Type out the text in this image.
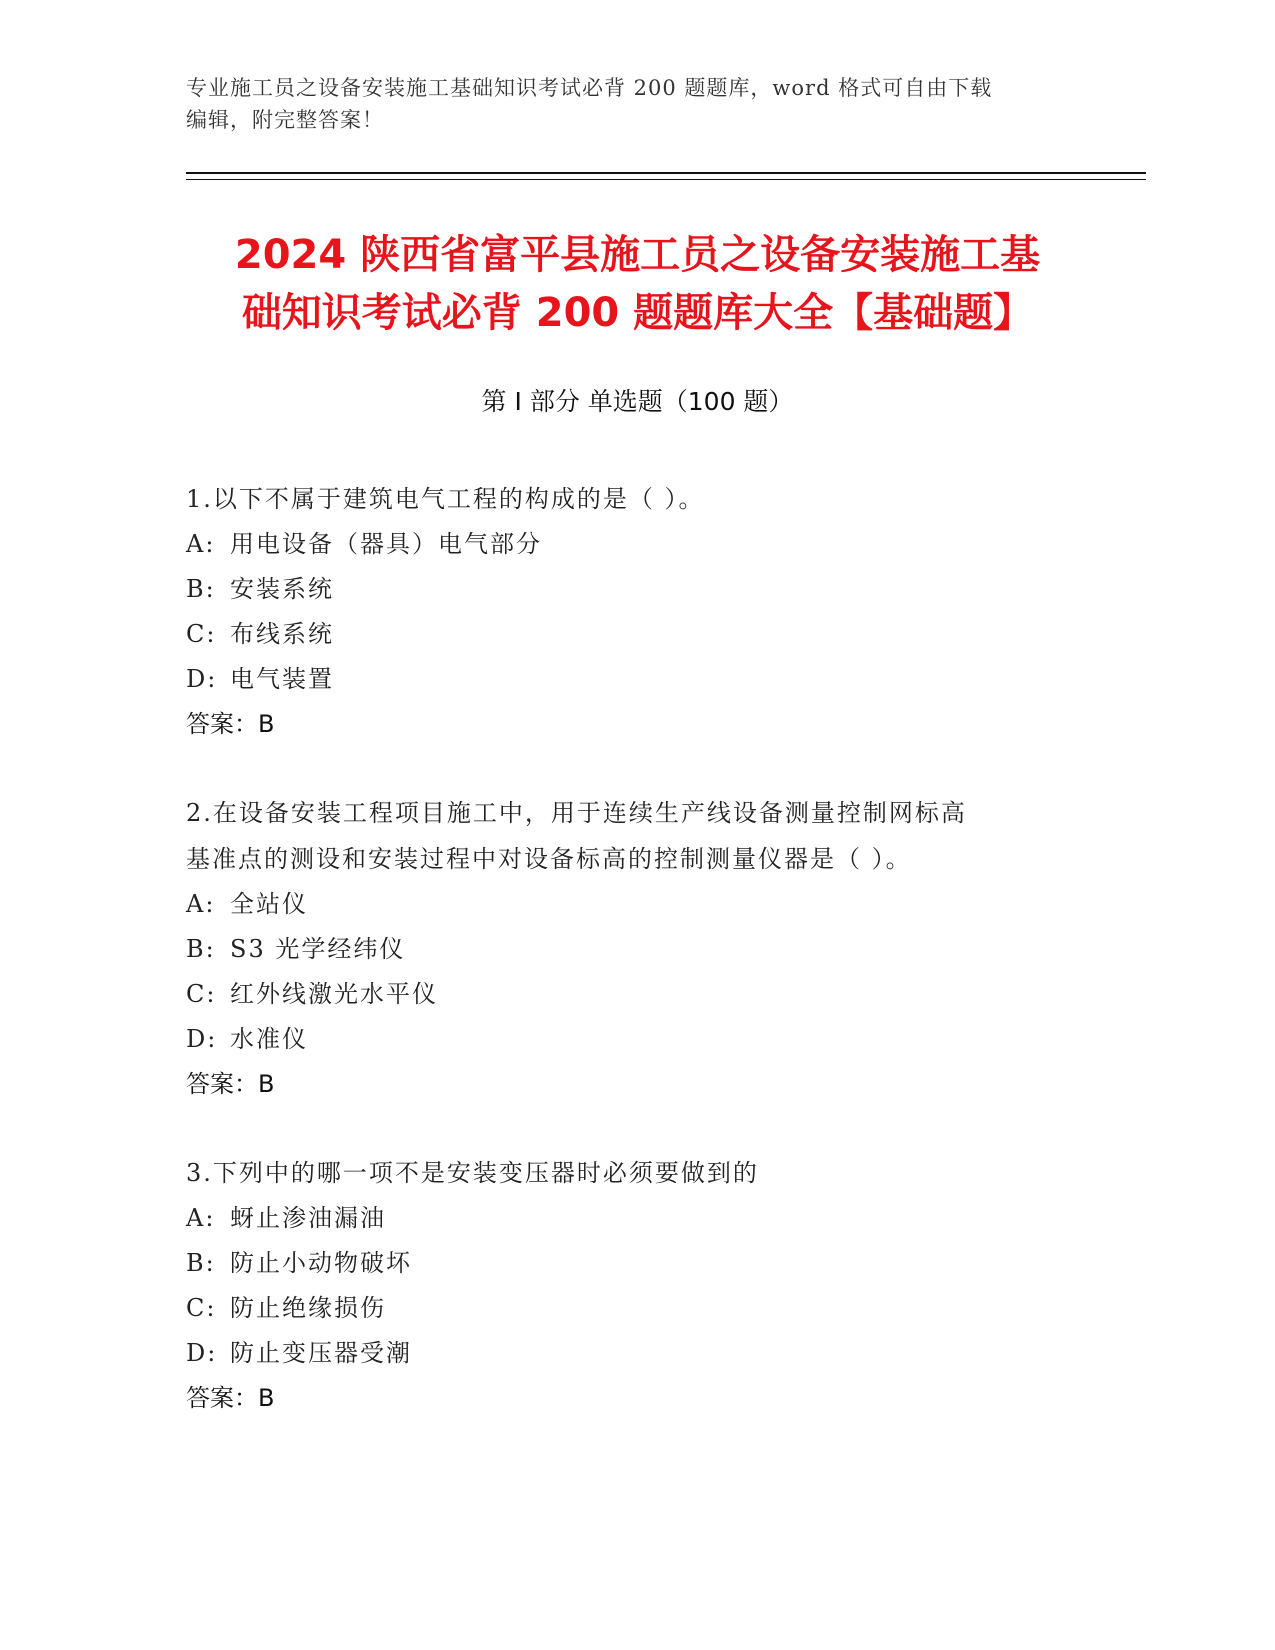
专业施工员之设备安装施工基础知识考试必背 200 题题库，word 格式可自由下载
编辑，附完整答案！
2024 陕西省富平县施工员之设备安装施工基
础知识考试必背 200 题题库大全【基础题】
第 I 部分 单选题（100 题）
1.以下不属于建筑电气工程的构成的是（ ）。
A: 用电设备（器具）电气部分
B: 安装系统
C: 布线系统
D: 电气装置
答案：B
2.在设备安装工程项目施工中，用于连续生产线设备测量控制网标高
基准点的测设和安装过程中对设备标高的控制测量仪器是（ ）。
A: 全站仪
B: S3 光学经纬仪
C: 红外线激光水平仪
D: 水准仪
答案：B
3.下列中的哪一项不是安装变压器时必须要做到的
A: 蚜止渗油漏油
B: 防止小动物破坏
C: 防止绝缘损伤
D: 防止变压器受潮
答案：B
